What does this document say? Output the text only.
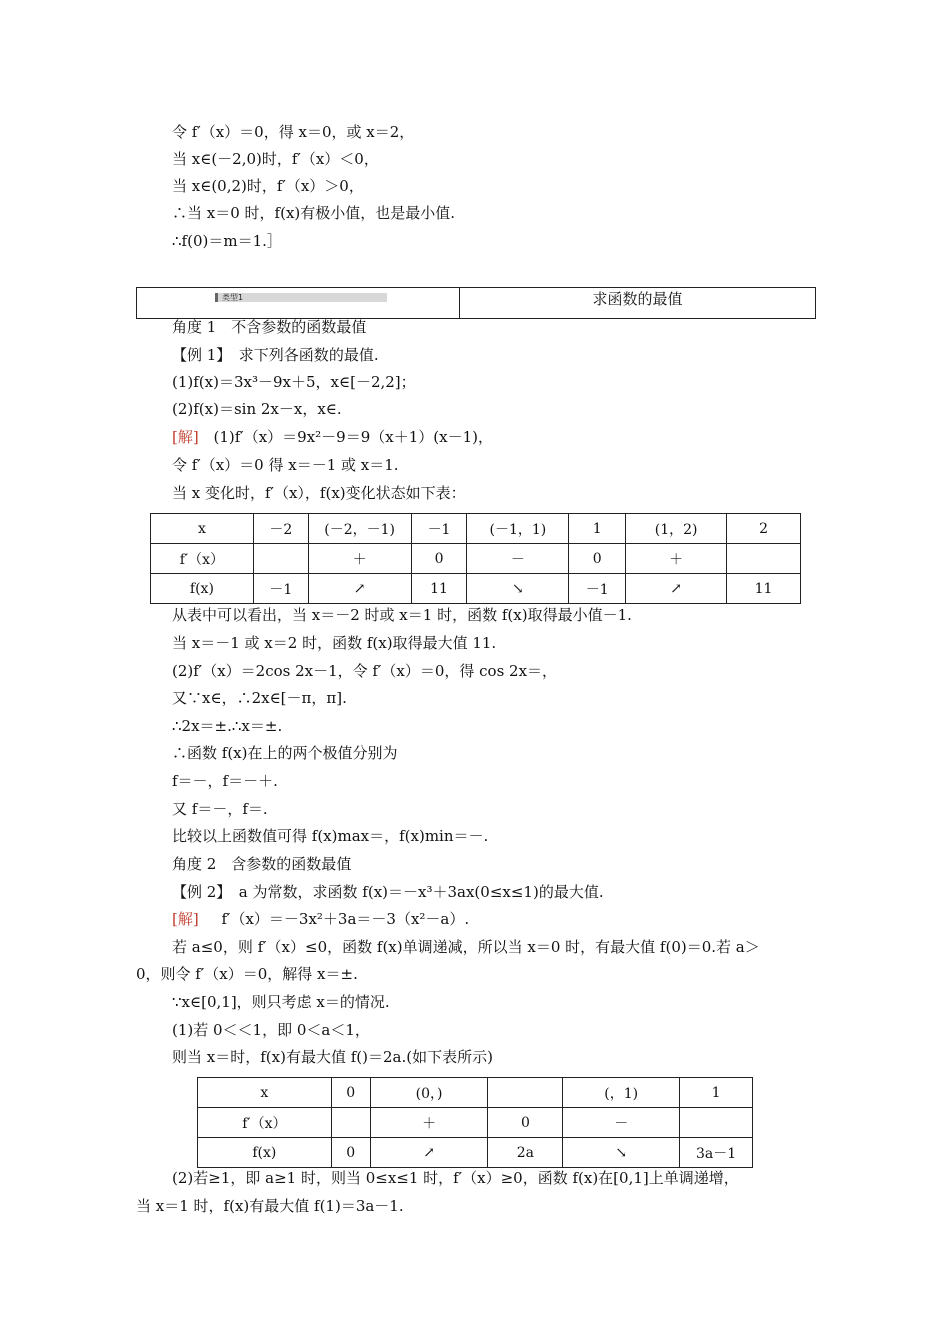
令 f′（x）＝0，得 x＝0，或 x＝2，
当 x∈(－2,0)时，f′（x）＜0，
当 x∈(0,2)时，f′（x）＞0，
∴当 x＝0 时，f(x)有极小值，也是最小值.
∴f(0)＝m＝1.］
类型1	求函数的最值
角度 1　不含参数的函数最值
【例 1】　求下列各函数的最值.
(1)f(x)＝3x³－9x＋5，x∈[－2,2]；
(2)f(x)＝sin 2x－x，x∈.
[解] (1)f′（x）＝9x²－9＝9（x＋1）(x－1)，
令 f′（x）＝0 得 x＝－1 或 x＝1.
当 x 变化时，f′（x），f(x)变化状态如下表：
x	－2	(－2，－1)	－1	(－1，1)	1	(1，2)	2
f′（x）		＋	0	－	0	＋	
f(x)	－1	↗	11	↘	－1	↗	11
从表中可以看出，当 x＝－2 时或 x＝1 时，函数 f(x)取得最小值－1.
当 x＝－1 或 x＝2 时，函数 f(x)取得最大值 11.
(2)f′（x）＝2cos 2x－1，令 f′（x）＝0，得 cos 2x＝，
又∵x∈，∴2x∈[－π，π].
∴2x＝±.∴x＝±.
∴函数 f(x)在上的两个极值分别为
f＝－，f＝－＋.
又 f＝－，f＝.
比较以上函数值可得 f(x)max＝，f(x)min＝－.
角度 2　含参数的函数最值
【例 2】　a 为常数，求函数 f(x)＝－x³＋3ax(0≤x≤1)的最大值.
[解] f′（x）＝－3x²＋3a＝－3（x²－a）.
若 a≤0，则 f′（x）≤0，函数 f(x)单调递减，所以当 x＝0 时，有最大值 f(0)＝0.若 a＞
0，则令 f′（x）＝0，解得 x＝±.
∵x∈[0,1]，则只考虑 x＝的情况.
(1)若 0＜＜1，即 0＜a＜1，
则当 x＝时，f(x)有最大值 f()＝2a.(如下表所示)
x	0	(0，)		(，1)	1
f′（x）		＋	0	－	
f(x)	0	↗	2a	↘	3a－1
(2)若≥1，即 a≥1 时，则当 0≤x≤1 时，f′（x）≥0，函数 f(x)在[0,1]上单调递增，
当 x＝1 时，f(x)有最大值 f(1)＝3a－1.
